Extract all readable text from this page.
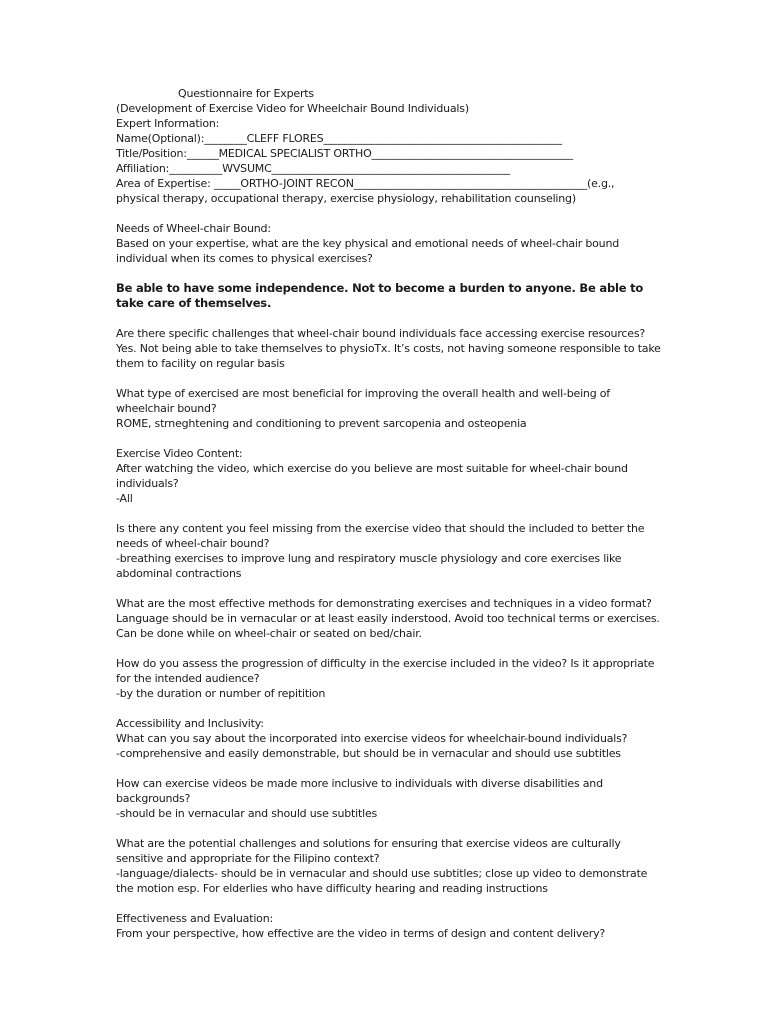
Questionnaire for Experts
(Development of Exercise Video for Wheelchair Bound Individuals)
Expert Information:
Name(Optional):________CLEFF FLORES_____________________________________________
Title/Position:______MEDICAL SPECIALIST ORTHO______________________________________
Affiliation:__________WVSUMC_____________________________________________
Area of Expertise: _____ORTHO-JOINT RECON____________________________________________(e.g.,
physical therapy, occupational therapy, exercise physiology, rehabilitation counseling)
Needs of Wheel-chair Bound:
Based on your expertise, what are the key physical and emotional needs of wheel-chair bound individual when its comes to physical exercises?
Be able to have some independence. Not to become a burden to anyone. Be able to take care of themselves.
Are there specific challenges that wheel-chair bound individuals face accessing exercise resources?
Yes. Not being able to take themselves to physioTx. It’s costs, not having someone responsible to take them to facility on regular basis
What type of exercised are most beneficial for improving the overall health and well-being of wheelchair bound?
ROME, strneghtening and conditioning to prevent sarcopenia and osteopenia
Exercise Video Content:
After watching the video, which exercise do you believe are most suitable for wheel-chair bound individuals?
-All
Is there any content you feel missing from the exercise video that should the included to better the needs of wheel-chair bound?
-breathing exercises to improve lung and respiratory muscle physiology and core exercises like abdominal contractions
What are the most effective methods for demonstrating exercises and techniques in a video format?
Language should be in vernacular or at least easily inderstood. Avoid too technical terms or exercises. Can be done while on wheel-chair or seated on bed/chair.
How do you assess the progression of difficulty in the exercise included in the video? Is it appropriate for the intended audience?
-by the duration or number of repitition
Accessibility and Inclusivity:
What can you say about the incorporated into exercise videos for wheelchair-bound individuals?
-comprehensive and easily demonstrable, but should be in vernacular and should use subtitles
How can exercise videos be made more inclusive to individuals with diverse disabilities and backgrounds?
-should be in vernacular and should use subtitles
What are the potential challenges and solutions for ensuring that exercise videos are culturally sensitive and appropriate for the Filipino context?
-language/dialects- should be in vernacular and should use subtitles; close up video to demonstrate the motion esp. For elderlies who have difficulty hearing and reading instructions
Effectiveness and Evaluation:
From your perspective, how effective are the video in terms of design and content delivery?
